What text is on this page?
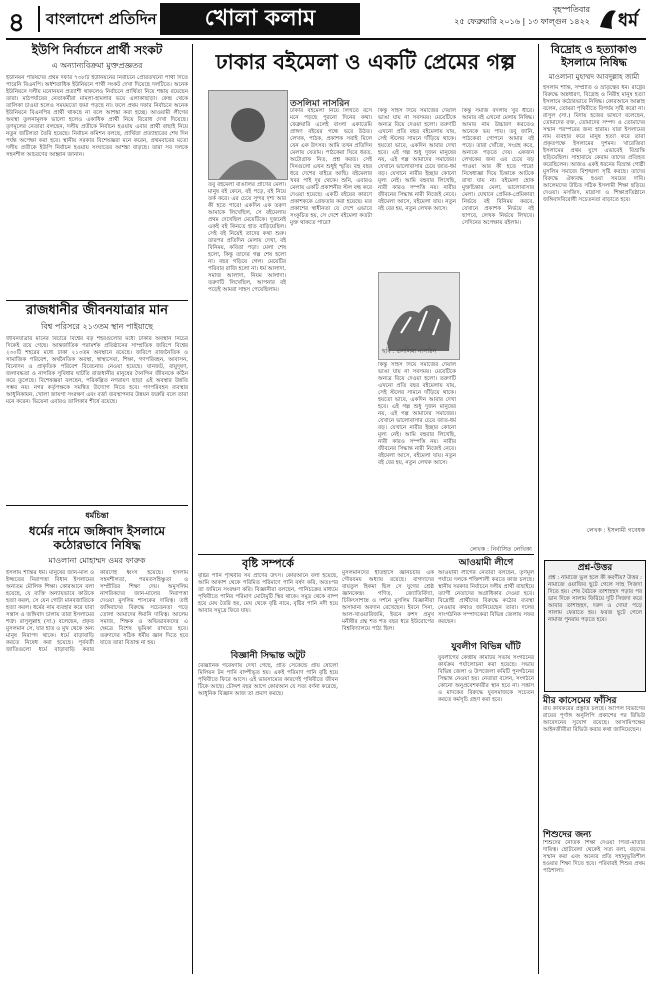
৪ বাংলাদেশ প্রতিদিন	খোলা কলাম	বৃহস্পতিবার
২৫ ফেব্রুয়ারি ২০১৬ | ১৩ ফাল্গুন ১৪২২ ধর্ম
ইউপি নির্বাচনে প্রার্থী সংকট
এ অন্যান্যবিক্রমা মুক্তপ্রজ্ঞতর
ইউনিয়ন পরিষদের প্রথম দফার ৭৩৮টি ইউনিয়নের নির্বাচনে প্রেরিতখনো পার্থী দিতে পারেনি বিএনপি। অর্ধশতাধিক ইউনিয়নে পার্থী সংকট দেখা দিয়েছে দলটিতে। অনেক ইউনিয়নে দলীয় মনোনয়ন প্রত্যাশী থাকলেও নির্বাচনে প্রার্থিতা নিয়ে শঙ্কায় রয়েছেন তারা। মাঠপর্যায়ের নেতাকর্মীরা মামলা-হামলার ভয়ে এলাকাছাড়া। কেন্দ্র থেকে তালিকা চাওয়া হলেও সময়মতো জমা পড়ছে না। ফলে প্রথম দফার নির্বাচনে অনেক ইউনিয়নে বিএনপির প্রার্থী থাকছে না বলে আশঙ্কা করা হচ্ছে। আওয়ামী লীগের অবস্থা তুলনামূলক ভালো হলেও একাধিক প্রার্থী নিয়ে বিরোধ দেখা দিয়েছে। তৃণমূলের নেতারা বলছেন, দলীয় প্রতীকে নির্বাচন হওয়ায় এবার প্রার্থী বাছাই নিয়ে নতুন জটিলতা তৈরি হয়েছে। নির্বাচন কমিশন বলছে, প্রার্থিতা প্রত্যাহারের শেষ দিন পর্যন্ত অপেক্ষা করা হবে। স্থানীয় সরকার বিশেষজ্ঞরা মনে করেন, প্রথমবারের মতো দলীয় প্রতীকে ইউপি নির্বাচন হওয়ায় সংঘাতের আশঙ্কা বাড়ছে। তারা সব দলকে সহনশীল আচরণের আহ্বান জানান।
রাজধানীর জীবনযাত্রার মান
বিশ্ব পরিসরে ২১৩তম স্থান পাইয়াছে
জীবনযাত্রার মানের বিচারে বিশ্বের বড় শহরগুলোর মধ্যে ঢাকার অবস্থান নিচের দিকেই রয়ে গেছে। আন্তর্জাতিক পরামর্শক প্রতিষ্ঠানের সাম্প্রতিক জরিপে বিশ্বের ২৩০টি শহরের মধ্যে ঢাকা ২১৩তম অবস্থানে রয়েছে। জরিপে রাজনৈতিক ও সামাজিক পরিবেশ, অর্থনৈতিক অবস্থা, স্বাস্থ্যসেবা, শিক্ষা, গণপরিবহন, আবাসন, বিনোদন ও প্রাকৃতিক পরিবেশ বিবেচনায় নেওয়া হয়েছে। যানজট, বায়ুদূষণ, জলাবদ্ধতা ও নাগরিক সুবিধার ঘাটতি রাজধানীর মানুষের দৈনন্দিন জীবনকে কঠিন করে তুলেছে। বিশেষজ্ঞরা বলছেন, পরিকল্পিত নগরায়ণ ছাড়া এই অবস্থার উন্নতি সম্ভব নয়। নগর কর্তৃপক্ষকে সমন্বিত উদ্যোগ নিতে হবে। গণপরিবহন ব্যবস্থার আধুনিকায়ন, খোলা জায়গা সংরক্ষণ এবং বর্জ্য ব্যবস্থাপনার উন্নয়ন জরুরি বলে তারা মনে করেন। ভিয়েনা এবারও তালিকার শীর্ষে রয়েছে।
ধর্মচিন্তা
ধর্মের নামে জঙ্গিবাদ ইসলামে কঠোরভাবে নিষিদ্ধ
মাওলানা মোহাম্মদ ওমর ফারুক
ইসলাম শান্তির ধর্ম। মানুষের জান-মাল ও ইজ্জতের নিরাপত্তা বিধান ইসলামের অন্যতম মৌলিক শিক্ষা। কোরআনে বলা হয়েছে, যে ব্যক্তি অন্যায়ভাবে কাউকে হত্যা করল, সে যেন গোটা মানবজাতিকে হত্যা করল। ধর্মের নাম ব্যবহার করে যারা সন্ত্রাস ও জঙ্গিবাদ চালায় তারা ইসলামের শত্রু। রাসুলুল্লাহ (সা.) বলেছেন, প্রকৃত মুসলমান সে, যার হাত ও মুখ থেকে অন্য মানুষ নিরাপদ থাকে। ধর্মে বাড়াবাড়ি করতে নিষেধ করা হয়েছে। পূর্ববর্তী জাতিগুলো ধর্মে বাড়াবাড়ি করার কারণেই ধ্বংস হয়েছে। ইসলাম সহনশীলতা, পরমতসহিষ্ণুতা ও সম্প্রীতির শিক্ষা দেয়। অমুসলিম নাগরিকদের জান-মালের নিরাপত্তা দেওয়া মুসলিম শাসকের দায়িত্ব। তাই জঙ্গিবাদের বিরুদ্ধে সচেতনতা গড়ে তোলা আমাদের ঈমানি দায়িত্ব। আলেম সমাজ, শিক্ষক ও অভিভাবকদের এ ক্ষেত্রে বিশেষ ভূমিকা রাখতে হবে। তরুণদের সঠিক ধর্মীয় জ্ঞান দিতে হবে যাতে তারা বিভ্রান্ত না হয়।
ঢাকার বইমেলা ও একটি প্রেমের গল্প
তসলিমা নাসরিন
ঢাকার বইমেলা নিয়ে লিখতে বসে মনে পড়ছে পুরনো দিনের কথা। ফেব্রুয়ারি এলেই বাংলা একাডেমি প্রাঙ্গণ বইয়ের গন্ধে ভরে উঠত। লেখক, পাঠক, প্রকাশক সবাই মিলে যেন এক উৎসব। আমি তখন প্রতিদিন মেলায় যেতাম। পাঠকেরা ঘিরে ধরত, অটোগ্রাফ নিত, প্রশ্ন করত। সেই দিনগুলো এখন শুধুই স্মৃতি। বহু বছর ধরে দেশের বাইরে আছি। বইমেলার খবর পাই দূর থেকে। শুনি, এবারও মেলায় একটি প্রকাশনীর স্টল বন্ধ করে দেওয়া হয়েছে। একটি বইয়ের কারণে প্রকাশককে গ্রেফতার করা হয়েছে। মত প্রকাশের স্বাধীনতা যে দেশে এভাবে সংকুচিত হয়, সে দেশে বইমেলা কতটা মুক্ত থাকতে পারে?
তবু বইমেলা বাঙালির প্রাণের মেলা। মানুষ বই কেনে, বই পড়ে, বই নিয়ে তর্ক করে। এর চেয়ে সুন্দর দৃশ্য আর কী হতে পারে! একদিন এক তরুণ আমাকে লিখেছিল, সে বইমেলায় প্রথম দেখেছিল মেয়েটিকে। দুজনেই একই বই কিনতে হাত বাড়িয়েছিল। সেই বই নিয়েই তাদের কথা শুরু। তারপর প্রতিদিন মেলায় দেখা, বই বিনিময়, কবিতা পড়া। মেলা শেষ হলো, কিন্তু তাদের গল্প শেষ হলো না। বছর গড়িয়ে গেল। মেয়েটির পরিবার রাজি হলো না। ধর্ম আলাদা, সমাজ আলাদা, নিয়ম আলাদা। তরুণটি লিখেছিল, আপনার বই পড়েই আমরা সাহস পেয়েছিলাম।
কিন্তু সাহস দিয়ে সমাজের দেয়াল ভাঙা যায় না সবসময়। মেয়েটিকে অন্যত্র বিয়ে দেওয়া হলো। তরুণটি এখনো প্রতি বছর বইমেলায় যায়, সেই স্টলের সামনে দাঁড়িয়ে থাকে। হয়তো ভাবে, একদিন আবার দেখা হবে। এই গল্প শুধু দুজন মানুষের নয়, এই গল্প আমাদের সমাজের। যেখানে ভালোবাসার চেয়ে জাত-ধর্ম বড়। যেখানে নারীর ইচ্ছার কোনো মূল্য নেই। আমি বহুবার লিখেছি, নারী কারও সম্পত্তি নয়। নারীর জীবনের সিদ্ধান্ত নারী নিজেই নেবে। বইমেলা আসে, বইমেলা যায়। নতুন বই বের হয়, নতুন লেখক আসে।
কিন্তু সমাজ বদলায় খুব ধীরে। আমার বই এখনো মেলায় নিষিদ্ধ। আমার নাম উচ্চারণ করতেও অনেকে ভয় পায়। তবু জানি, পাঠকেরা গোপনে আমার বই পড়ে। তারা খোঁজে, সংগ্রহ করে, অন্যকে পড়তে দেয়। একজন লেখকের জন্য এর চেয়ে বড় পাওয়া আর কী হতে পারে! নিষেধাজ্ঞা দিয়ে চিন্তাকে আটকে রাখা যায় না। বইমেলা হোক মুক্তচিন্তার মেলা, ভালোবাসার মেলা। যেখানে প্রেমিক-প্রেমিকারা নির্ভয়ে বই বিনিময় করবে, যেখানে প্রকাশক নির্ভয়ে বই ছাপবে, লেখক নির্ভয়ে লিখবে। সেদিনের অপেক্ষায় রইলাম।
ছবি : তসলিমা নাসরিন
কিন্তু সাহস দিয়ে সমাজের দেয়াল ভাঙা যায় না সবসময়। মেয়েটিকে অন্যত্র বিয়ে দেওয়া হলো। তরুণটি এখনো প্রতি বছর বইমেলায় যায়, সেই স্টলের সামনে দাঁড়িয়ে থাকে। হয়তো ভাবে, একদিন আবার দেখা হবে। এই গল্প শুধু দুজন মানুষের নয়, এই গল্প আমাদের সমাজের। যেখানে ভালোবাসার চেয়ে জাত-ধর্ম বড়। যেখানে নারীর ইচ্ছার কোনো মূল্য নেই। আমি বহুবার লিখেছি, নারী কারও সম্পত্তি নয়। নারীর জীবনের সিদ্ধান্ত নারী নিজেই নেবে। বইমেলা আসে, বইমেলা যায়। নতুন বই বের হয়, নতুন লেখক আসে।
লেখক : নির্বাসিত লেখিকা
বৃষ্টি সম্পর্কে
বৃষ্টির পানি পৃথিবীর সব প্রাণের উৎস। কোরআনে বলা হয়েছে, আমি আকাশ থেকে পরিমিত পরিমাণে পানি বর্ষণ করি, অতঃপর তা জমিনে সংরক্ষণ করি। বিজ্ঞানীরা বলছেন, পানিচক্রের মাধ্যমে পৃথিবীতে পানির পরিমাণ মোটামুটি স্থির থাকে। সমুদ্র থেকে বাষ্প হয়ে মেঘ তৈরি হয়, মেঘ থেকে বৃষ্টি নামে, বৃষ্টির পানি নদী হয়ে আবার সমুদ্রে ফিরে যায়।
বিজ্ঞানী সিদ্ধান্ত অটুট
বৈজ্ঞানিক গবেষণায় দেখা গেছে, প্রতি সেকেন্ডে প্রায় ষোলো মিলিয়ন টন পানি বাষ্পীভূত হয়। একই পরিমাণ পানি বৃষ্টি হয়ে পৃথিবীতে ফিরে আসে। এই ভারসাম্যের কারণেই পৃথিবীতে জীবন টিকে আছে। চৌদ্দশ বছর আগে কোরআন যে সত্য বর্ণনা করেছে, আধুনিক বিজ্ঞান আজ তা প্রমাণ করছে।
মুসলমানদের ইতিহাসে জ্ঞানচর্চার এক গৌরবময় অধ্যায় রয়েছে। বাগদাদের বায়তুল হিকমা ছিল সে যুগের শ্রেষ্ঠ জ্ঞানকেন্দ্র। গণিত, জ্যোতির্বিদ্যা, চিকিৎসাশাস্ত্র ও দর্শনে মুসলিম বিজ্ঞানীরা অসামান্য অবদান রেখেছেন। ইবনে সিনা, আল-খাওয়ারিজমি, ইবনে রুশদ প্রমুখ মনীষীর গ্রন্থ শত শত বছর ধরে ইউরোপের বিশ্ববিদ্যালয়ে পাঠ্য ছিল।
আওয়ামী লীগে
আওয়ামী লীগের নেতারা বলছেন, তৃণমূল পর্যায়ে দলকে শক্তিশালী করতে কাজ চলছে। স্থানীয় সরকার নির্বাচনে দলীয় প্রার্থী বাছাইয়ে ত্যাগী নেতাদের অগ্রাধিকার দেওয়া হবে। বিদ্রোহী প্রার্থীদের বিরুদ্ধে কঠোর ব্যবস্থা নেওয়ার কথাও জানিয়েছেন তারা। দলের সাংগঠনিক সম্পাদকেরা বিভিন্ন জেলায় সফর করছেন।
যুবলীগ বিভিন্ন ঘাঁটি
যুবলীগের কেন্দ্রীয় কমিটির সভায় সংগঠনের কার্যক্রম পর্যালোচনা করা হয়েছে। সভায় বিভিন্ন জেলা ও উপজেলা কমিটি পুনর্গঠনের সিদ্ধান্ত নেওয়া হয়। নেতারা বলেন, সংগঠনে কোনো অনুপ্রবেশকারীর স্থান হবে না। সন্ত্রাস ও মাদকের বিরুদ্ধে যুবসমাজকে সচেতন করতে কর্মসূচি গ্রহণ করা হবে।
বিদ্রোহ ও হত্যাকাণ্ড ইসলামে নিষিদ্ধ
মাওলানা মুহাম্মদ আবদুল্লাহ জামী
ইসলাম শান্তি, সম্প্রীতি ও ভ্রাতৃত্বের ধর্ম। রাষ্ট্রের বিরুদ্ধে অস্ত্রধারণ, বিদ্রোহ ও নিরীহ মানুষ হত্যা ইসলামে কঠোরভাবে নিষিদ্ধ। কোরআনে আল্লাহ বলেন, তোমরা পৃথিবীতে বিপর্যয় সৃষ্টি করো না। রাসুল (সা.) বিদায় হজের ভাষণে বলেছেন, তোমাদের রক্ত, তোমাদের সম্পদ ও তোমাদের সম্মান পরস্পরের জন্য হারাম। যারা ইসলামের নাম ব্যবহার করে মানুষ হত্যা করে তারা প্রকৃতপক্ষে ইসলামের দুশমন। খারেজিরা ইসলামের প্রথম যুগে এভাবেই বিভ্রান্তি ছড়িয়েছিল। সাহাবায়ে কেরাম তাদের প্রতিহত করেছিলেন। আজও একই ধরনের বিভ্রান্ত গোষ্ঠী মুসলিম সমাজে বিশৃঙ্খলা সৃষ্টি করছে। তাদের বিরুদ্ধে ঐক্যবদ্ধ হওয়া সময়ের দাবি। আলেমদের উচিত সঠিক ইসলামী শিক্ষা ছড়িয়ে দেওয়া। মসজিদ, মাদ্রাসা ও শিক্ষাপ্রতিষ্ঠানে জঙ্গিবাদবিরোধী সচেতনতা বাড়াতে হবে।
লেখক : ইসলামী গবেষক
প্রশ্ন-উত্তর
প্রশ্ন : নামাজে ভুল হলে কী করণীয়? উত্তর : নামাজে ওয়াজিব ছুটে গেলে সাহু সিজদা দিতে হয়। শেষ বৈঠকে তাশাহহুদ পড়ার পর ডান দিকে সালাম ফিরিয়ে দুটি সিজদা করে আবার তাশাহহুদ, দরুদ ও দোয়া পড়ে সালাম ফেরাতে হয়। ফরজ ছুটে গেলে নামাজ পুনরায় পড়তে হবে।
মীর কাসেমের ফাঁসির
রায় কার্যকরের প্রস্তুতি চলছে। আপিল বিভাগের রায়ের পূর্ণাঙ্গ অনুলিপি প্রকাশের পর রিভিউ আবেদনের সুযোগ রয়েছে। আসামিপক্ষের আইনজীবীরা রিভিউ করার কথা জানিয়েছেন।
শিশুদের জন্য
শিশুদের নৈতিক শিক্ষা দেওয়া পিতা-মাতার দায়িত্ব। ছোটবেলা থেকেই সত্য বলা, বড়দের সম্মান করা এবং অন্যের প্রতি সহানুভূতিশীল হওয়ার শিক্ষা দিতে হবে। পরিবারই শিশুর প্রথম পাঠশালা।
